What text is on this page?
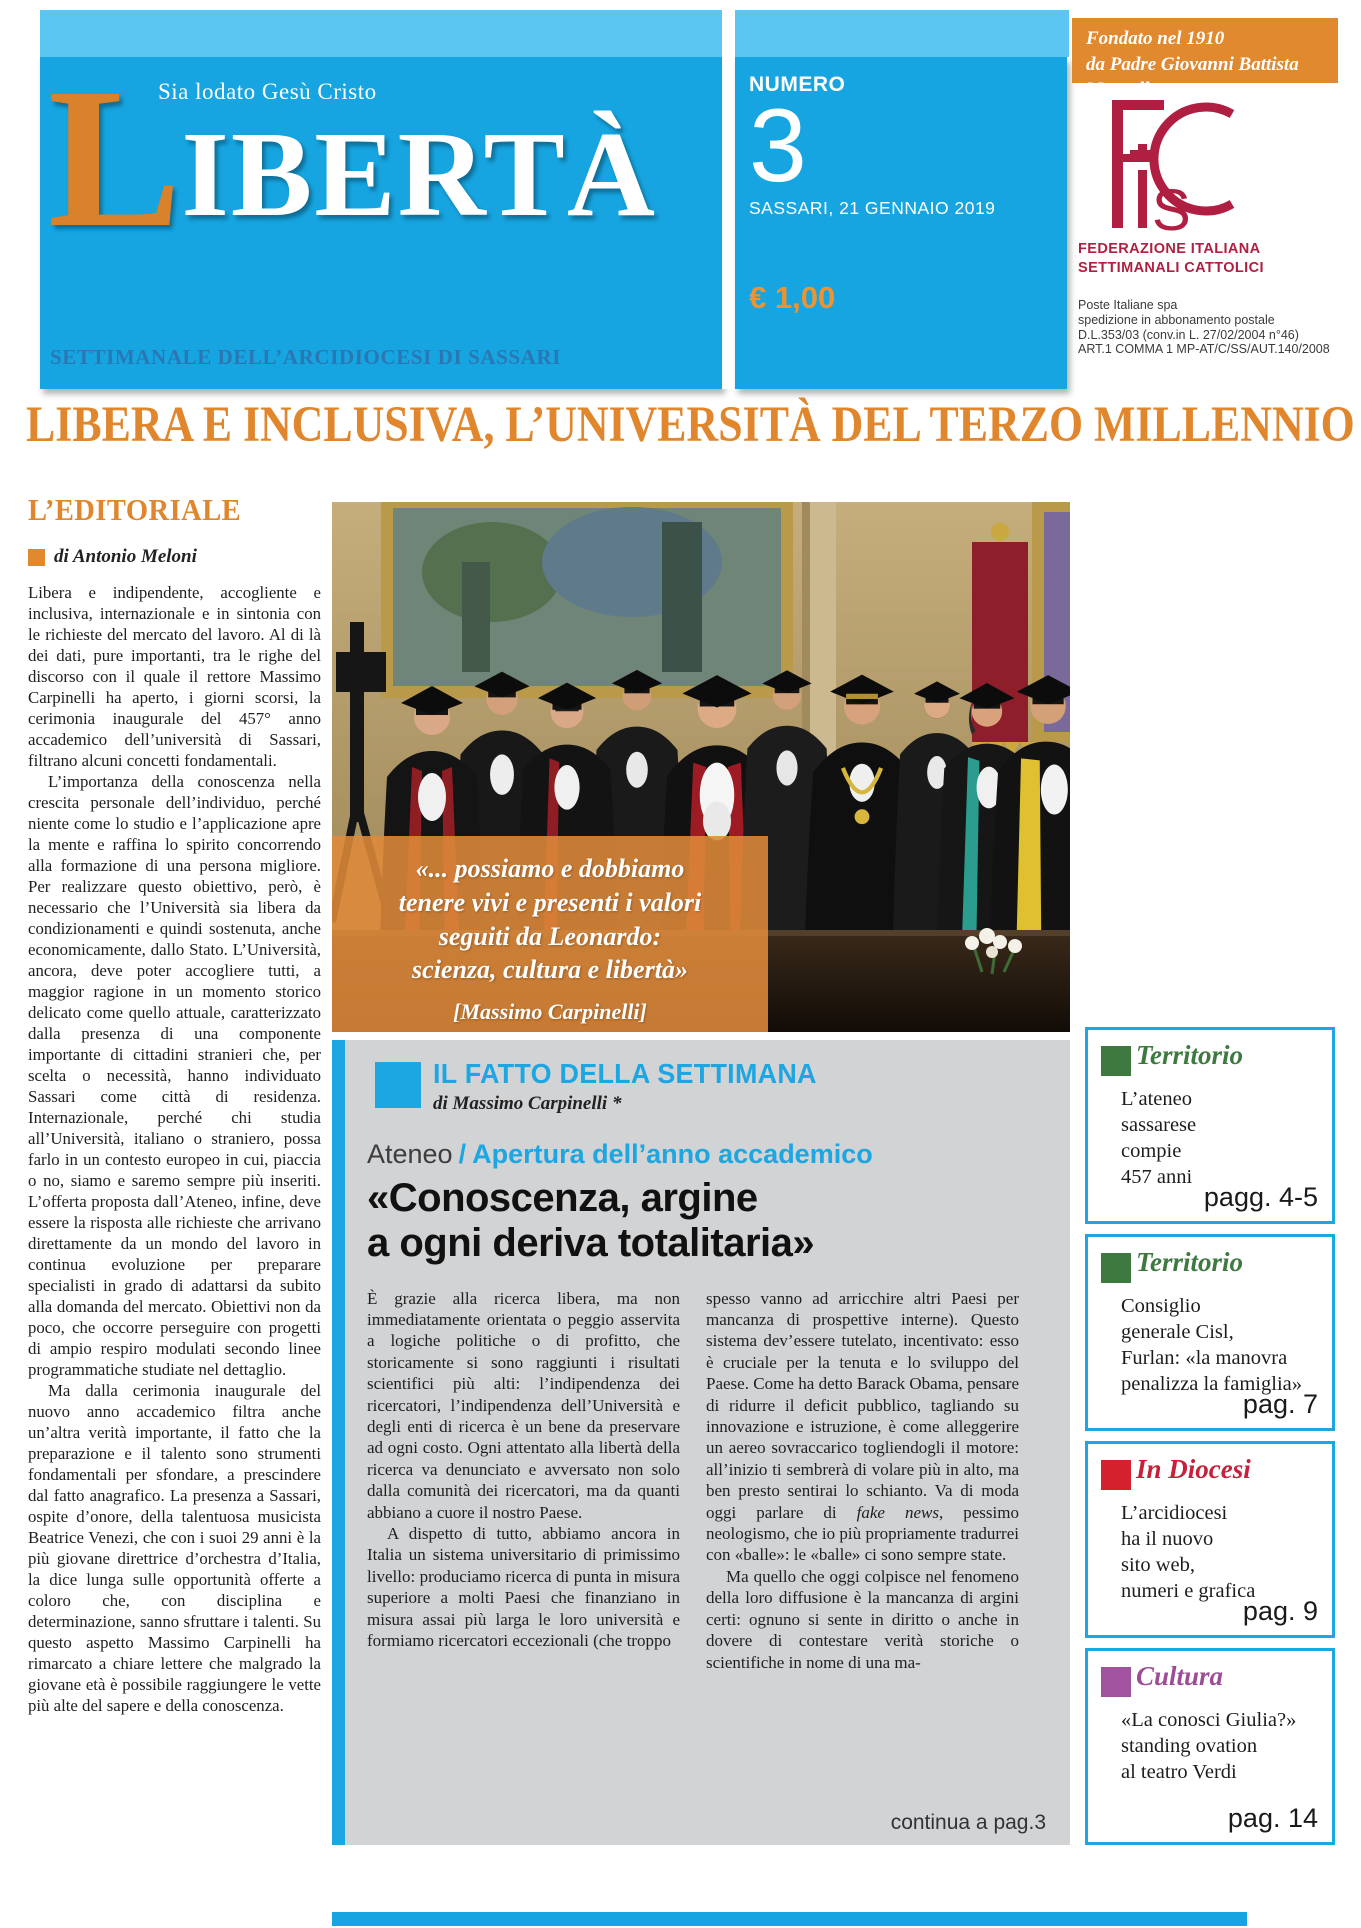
Sia lodato Gesù Cristo
LIBERTÀ
SETTIMANALE DELL’ARCIDIOCESI DI SASSARI
NUMERO
3
SASSARI, 21 GENNAIO 2019
€ 1,00
Fondato nel 1910
da Padre Giovanni Battista Manzella
S
FEDERAZIONE ITALIANA
SETTIMANALI CATTOLICI
Poste Italiane spa
spedizione in abbonamento postale
D.L.353/03 (conv.in L. 27/02/2004 n°46)
ART.1 COMMA 1 MP-AT/C/SS/AUT.140/2008
LIBERA E INCLUSIVA, L’UNIVERSITÀ DEL TERZO MILLENNIO
L’EDITORIALE
di Antonio Meloni
Libera e indipendente, accogliente e inclusiva, internazionale e in sintonia con le richieste del mercato del lavoro. Al di là dei dati, pure importanti, tra le righe del discorso con il quale il rettore Massimo Carpinelli ha aperto, i giorni scorsi, la cerimonia inaugurale del 457° anno accademico dell’università di Sassari, filtrano alcuni concetti fondamentali.
L’importanza della conoscenza nella crescita personale dell’individuo, perché niente come lo studio e l’applicazione apre la mente e raffina lo spirito concorrendo alla formazione di una persona migliore. Per realizzare questo obiettivo, però, è necessario che l’Università sia libera da condizionamenti e quindi sostenuta, anche economicamente, dallo Stato. L’Università, ancora, deve poter accogliere tutti, a maggior ragione in un momento storico delicato come quello attuale, caratterizzato dalla presenza di una componente importante di cittadini stranieri che, per scelta o necessità, hanno individuato Sassari come città di residenza. Internazionale, perché chi studia all’Università, italiano o straniero, possa farlo in un contesto europeo in cui, piaccia o no, siamo e saremo sempre più inseriti. L’offerta proposta dall’Ateneo, infine, deve essere la risposta alle richieste che arrivano direttamente da un mondo del lavoro in continua evoluzione per preparare specialisti in grado di adattarsi da subito alla domanda del mercato. Obiettivi non da poco, che occorre perseguire con progetti di ampio respiro modulati secondo linee programmatiche studiate nel dettaglio.
Ma dalla cerimonia inaugurale del nuovo anno accademico filtra anche un’altra verità importante, il fatto che la preparazione e il talento sono strumenti fondamentali per sfondare, a prescindere dal fatto anagrafico. La presenza a Sassari, ospite d’onore, della talentuosa musicista Beatrice Venezi, che con i suoi 29 anni è la più giovane direttrice d’orchestra d’Italia, la dice lunga sulle opportunità offerte a coloro che, con disciplina e determinazione, sanno sfruttare i talenti. Su questo aspetto Massimo Carpinelli ha rimarcato a chiare lettere che malgrado la giovane età è possibile raggiungere le vette più alte del sapere e della conoscenza.
«... possiamo e dobbiamo
tenere vivi e presenti i valori
seguiti da Leonardo:
scienza, cultura e libertà»
[Massimo Carpinelli]
IL FATTO DELLA SETTIMANA
di Massimo Carpinelli *
Ateneo / Apertura dell’anno accademico
«Conoscenza, argine
a ogni deriva totalitaria»
È grazie alla ricerca libera, ma non immediatamente orientata o peggio asservita a logiche politiche o di profitto, che storicamente si sono raggiunti i risultati scientifici più alti: l’indipendenza dei ricercatori, l’indipendenza dell’Università e degli enti di ricerca è un bene da preservare ad ogni costo. Ogni attentato alla libertà della ricerca va denunciato e avversato non solo dalla comunità dei ricercatori, ma da quanti abbiano a cuore il nostro Paese.
A dispetto di tutto, abbiamo ancora in Italia un sistema universitario di primissimo livello: produciamo ricerca di punta in misura superiore a molti Paesi che finanziano in misura assai più larga le loro università e formiamo ricercatori eccezionali (che troppo
spesso vanno ad arricchire altri Paesi per mancanza di prospettive interne). Questo sistema dev’essere tutelato, incentivato: esso è cruciale per la tenuta e lo sviluppo del Paese. Come ha detto Barack Obama, pensare di ridurre il deficit pubblico, tagliando su innovazione e istruzione, è come alleggerire un aereo sovraccarico togliendogli il motore: all’inizio ti sembrerà di volare più in alto, ma ben presto sentirai lo schianto. Va di moda oggi parlare di fake news, pessimo neologismo, che io più propriamente tradurrei con «balle»: le «balle» ci sono sempre state.
Ma quello che oggi colpisce nel fenomeno della loro diffusione è la mancanza di argini certi: ognuno si sente in diritto o anche in dovere di contestare verità storiche o scientifiche in nome di una ma-
continua a pag.3
Territorio
L’ateneo
sassarese
compie
457 anni
pagg. 4-5
Territorio
Consiglio
generale Cisl,
Furlan: «la manovra
penalizza la famiglia»
pag. 7
In Diocesi
L’arcidiocesi
ha il nuovo
sito web,
numeri e grafica
pag. 9
Cultura
«La conosci Giulia?»
standing ovation
al teatro Verdi
pag. 14
